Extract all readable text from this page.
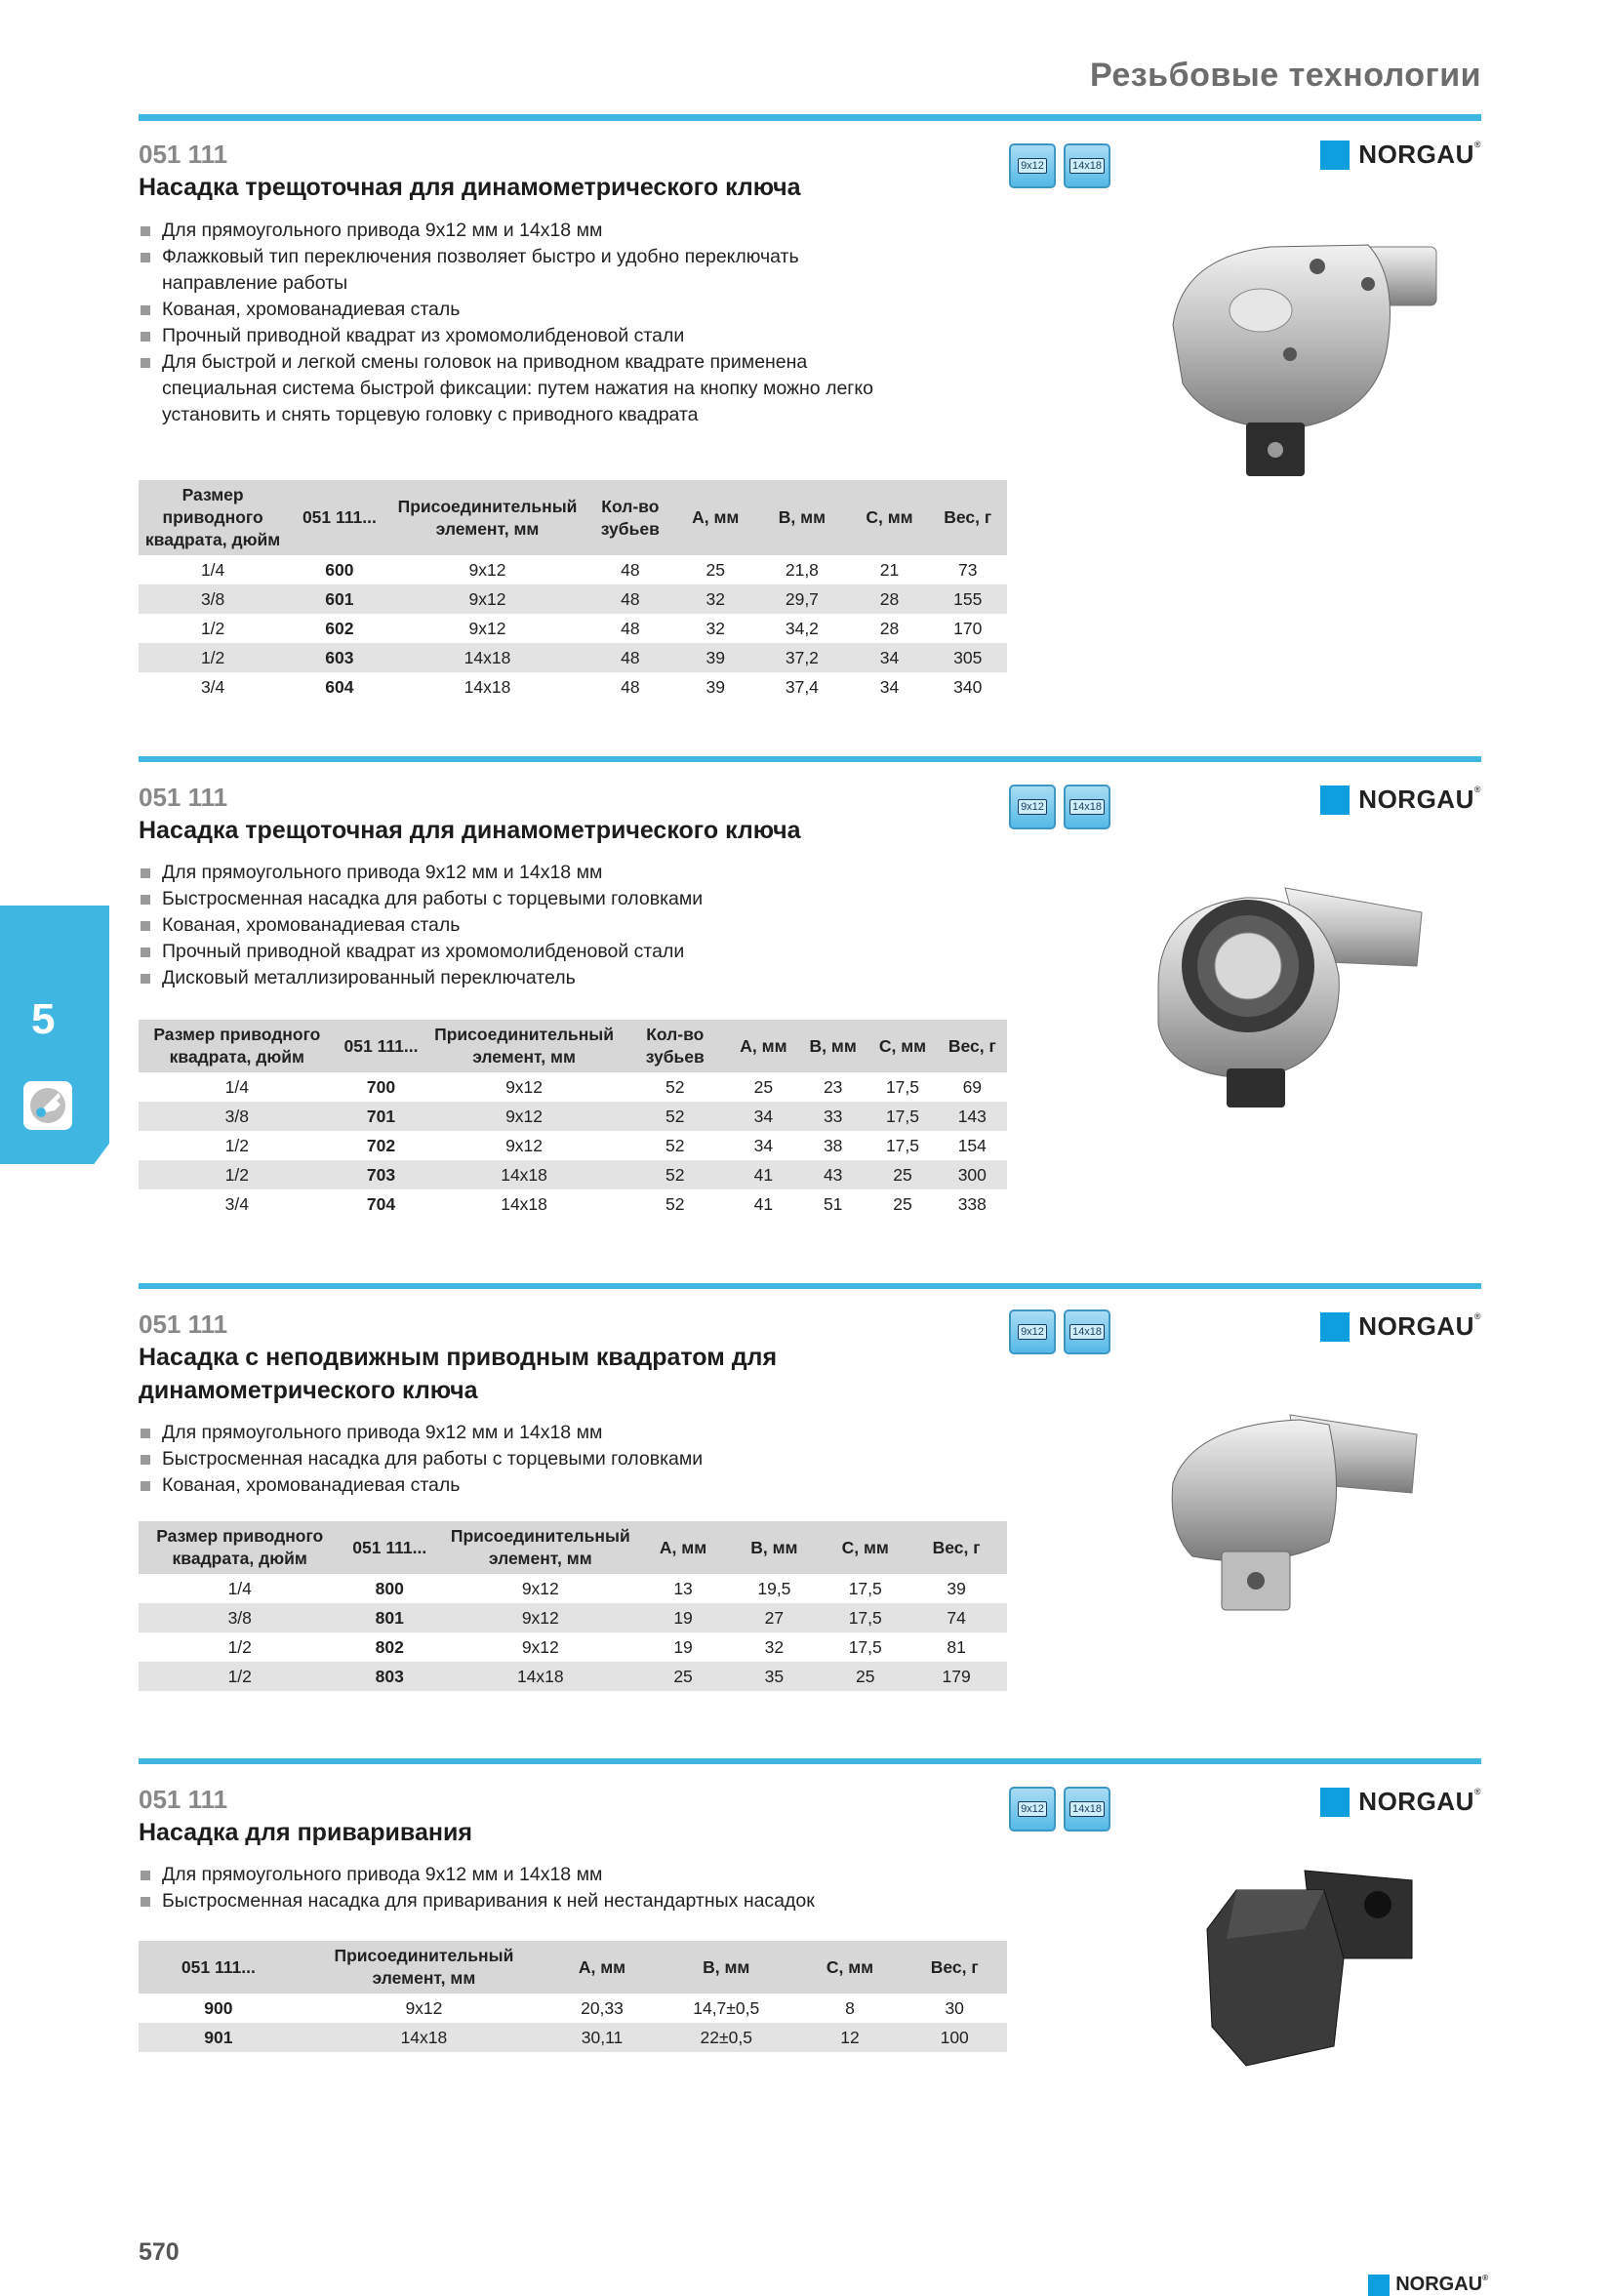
Резьбовые технологии
5
051 111
Насадка трещоточная для динамометрического ключа
Для прямоугольного привода 9х12 мм и 14х18 мм
Флажковый тип переключения позволяет быстро и удобно переключать направление работы
Кованая, хромованадиевая сталь
Прочный приводной квадрат из хромомолибденовой стали
Для быстрой и легкой смены головок на приводном квадрате применена специальная система быстрой фиксации: путем нажатия на кнопку можно легко установить и снять торцевую головку с приводного квадрата
9x12	14x18	NORGAU®
Размер приводного квадрата, дюйм	051 111...	Присоединительный элемент, мм	Кол-во зубьев	А, мм	В, мм	С, мм	Вес, г
1/4	600	9х12	48	25	21,8	21	73
3/8	601	9х12	48	32	29,7	28	155
1/2	602	9х12	48	32	34,2	28	170
1/2	603	14х18	48	39	37,2	34	305
3/4	604	14х18	48	39	37,4	34	340
051 111
Насадка трещоточная для динамометрического ключа
Для прямоугольного привода 9х12 мм и 14х18 мм
Быстросменная насадка для работы с торцевыми головками
Кованая, хромованадиевая сталь
Прочный приводной квадрат из хромомолибденовой стали
Дисковый металлизированный переключатель
9x12	14x18	NORGAU®
Размер приводного квадрата, дюйм	051 111...	Присоединительный элемент, мм	Кол-во зубьев	А, мм	В, мм	С, мм	Вес, г
1/4	700	9х12	52	25	23	17,5	69
3/8	701	9х12	52	34	33	17,5	143
1/2	702	9х12	52	34	38	17,5	154
1/2	703	14х18	52	41	43	25	300
3/4	704	14х18	52	41	51	25	338
051 111
Насадка с неподвижным приводным квадратом для динамометрического ключа
Для прямоугольного привода 9х12 мм и 14х18 мм
Быстросменная насадка для работы с торцевыми головками
Кованая, хромованадиевая сталь
9x12	14x18	NORGAU®
Размер приводного квадрата, дюйм	051 111...	Присоединительный элемент, мм	А, мм	В, мм	С, мм	Вес, г
1/4	800	9х12	13	19,5	17,5	39
3/8	801	9х12	19	27	17,5	74
1/2	802	9х12	19	32	17,5	81
1/2	803	14х18	25	35	25	179
051 111
Насадка для приваривания
Для прямоугольного привода 9х12 мм и 14х18 мм
Быстросменная насадка для приваривания к ней нестандартных насадок
9x12	14x18	NORGAU®
051 111...	Присоединительный элемент, мм	А, мм	В, мм	С, мм	Вес, г
900	9х12	20,33	14,7±0,5	8	30
901	14х18	30,11	22±0,5	12	100
570
NORGAU®
